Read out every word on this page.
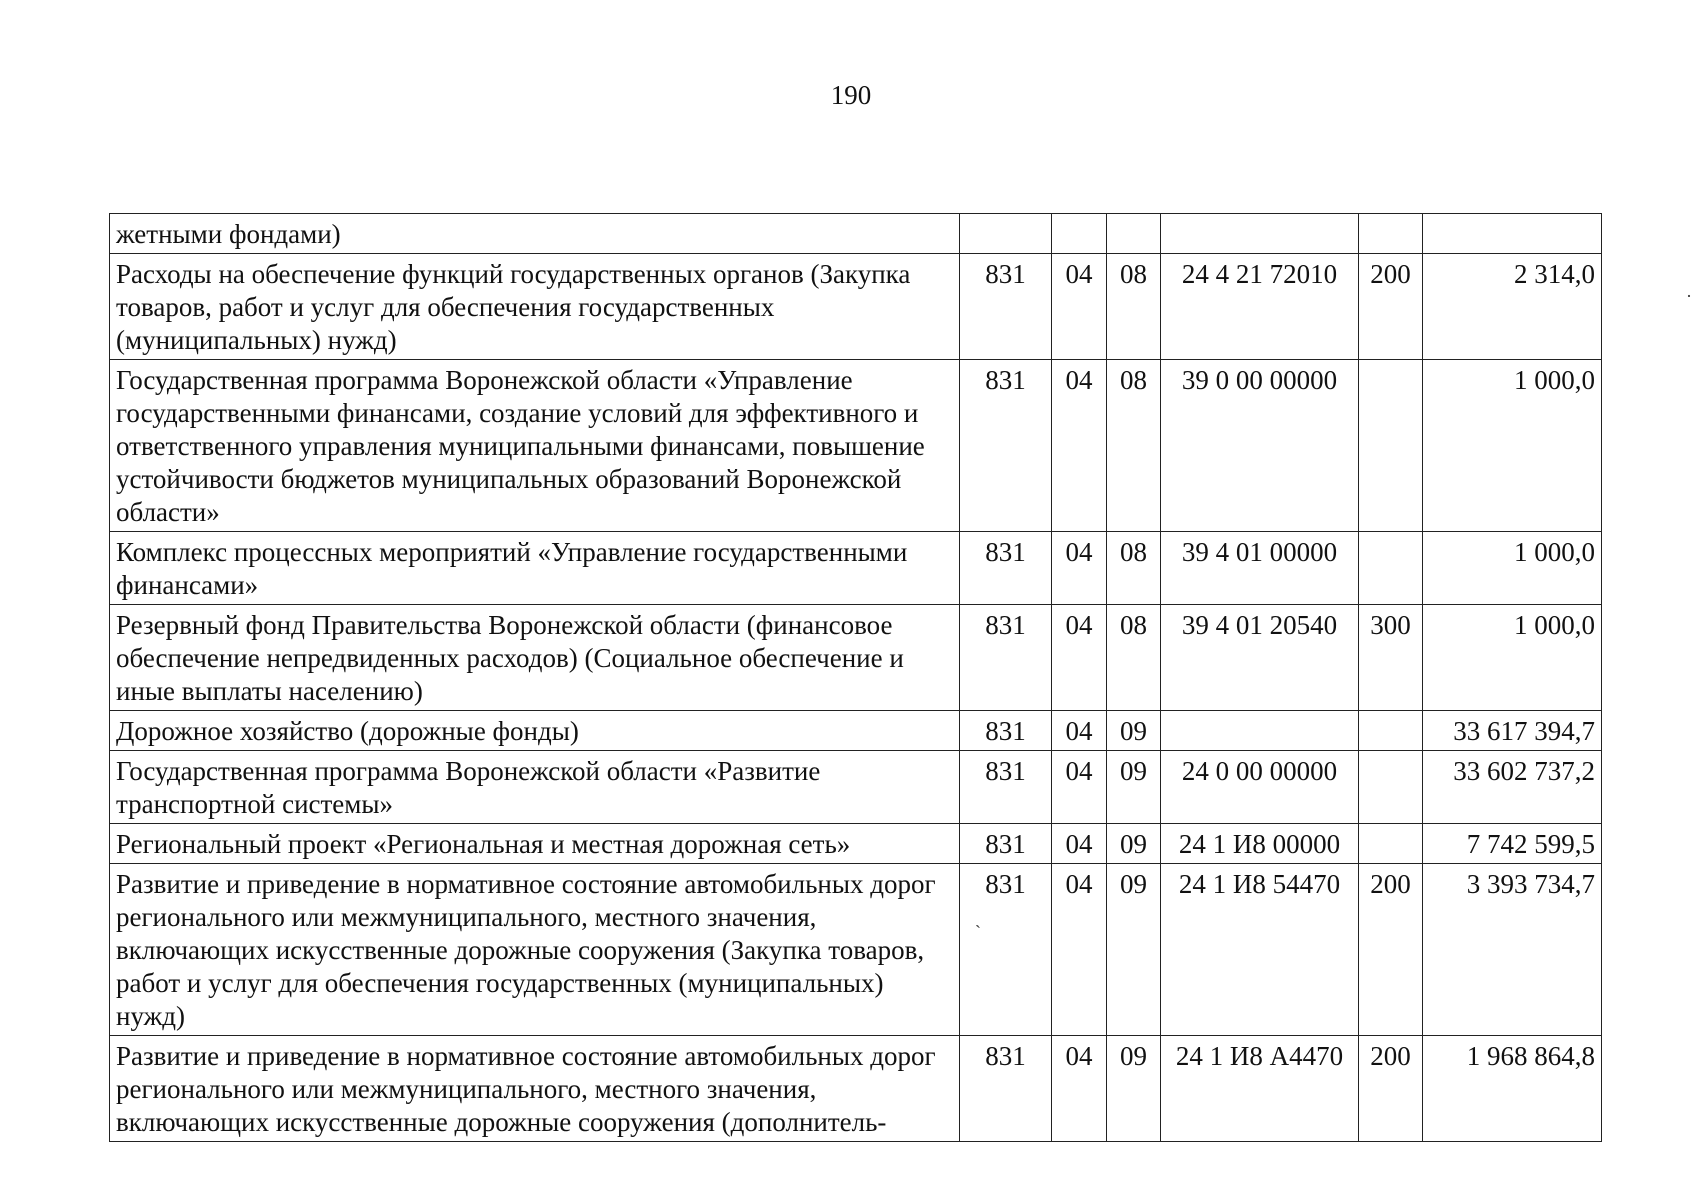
190
жетными фондами)						
Расходы на обеспечение функций государственных органов (Закупка товаров, работ и услуг для обеспечения государственных (муниципальных) нужд)	831	04	08	24 4 21 72010	200	2 314,0
Государственная программа Воронежской области «Управление государственными финансами, создание условий для эффективного и ответственного управления муниципальными финансами, повышение устойчивости бюджетов муниципальных образований Воронежской области»	831	04	08	39 0 00 00000		1 000,0
Комплекс процессных мероприятий «Управление государственными финансами»	831	04	08	39 4 01 00000		1 000,0
Резервный фонд Правительства Воронежской области (финансовое обеспечение непредвиденных расходов) (Социальное обеспечение и иные выплаты населению)	831	04	08	39 4 01 20540	300	1 000,0
Дорожное хозяйство (дорожные фонды)	831	04	09			33 617 394,7
Государственная программа Воронежской области «Развитие транспортной системы»	831	04	09	24 0 00 00000		33 602 737,2
Региональный проект «Региональная и местная дорожная сеть»	831	04	09	24 1 И8 00000		7 742 599,5
Развитие и приведение в нормативное состояние автомобильных дорог регионального или межмуниципального, местного значения, включающих искусственные дорожные сооружения (Закупка товаров, работ и услуг для обеспечения государственных (муниципальных) нужд)	831	04	09	24 1 И8 54470	200	3 393 734,7
Развитие и приведение в нормативное состояние автомобильных дорог регионального или межмуниципального, местного значения, включающих искусственные дорожные сооружения (дополнитель-	831	04	09	24 1 И8 А4470	200	1 968 864,8
·
ˏ
